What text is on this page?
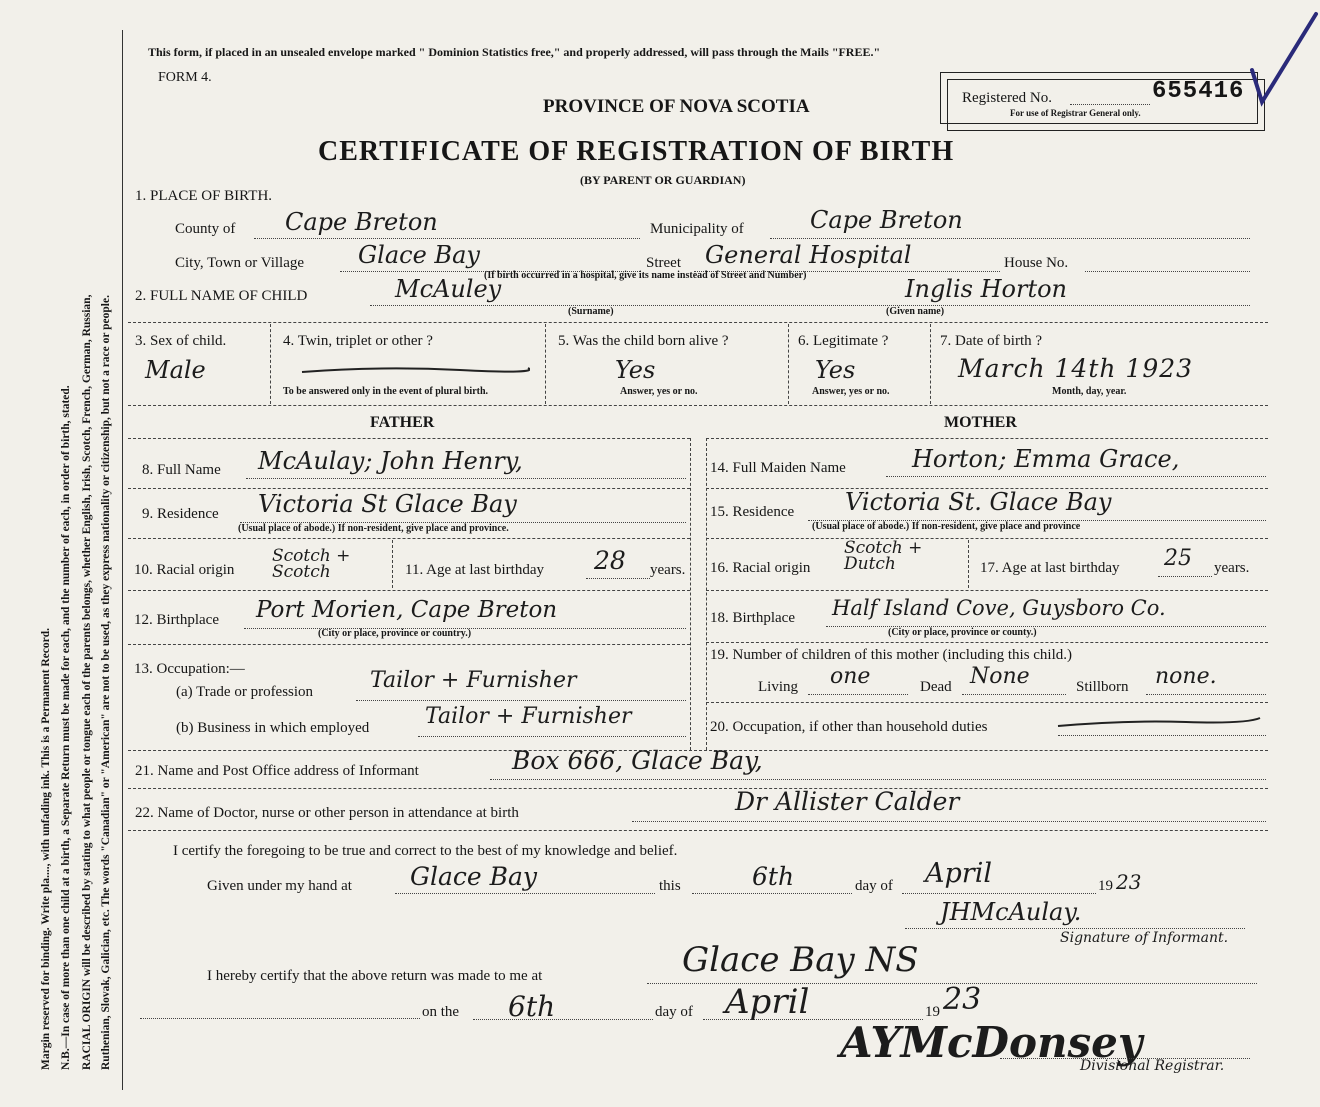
Margin reserved for binding. Write pla...., with unfading ink. This is a Permanent Record. N.B.—In case of more than one child at a birth, a Separate Return must be made for each, and the number of each, in order of birth, stated. RACIAL ORIGIN will be described by stating to what people or tongue each of the parents belongs, whether English, Irish, Scotch, French, German, Russian, Ruthenian, Slovak, Galician, etc. The words "Canadian" or "American" are not to be used, as they express nationality or citizenship, but not a race or people.
This form, if placed in an unsealed envelope marked " Dominion Statistics free," and properly addressed, will pass through the Mails "FREE."
FORM 4.
PROVINCE OF NOVA SCOTIA	Registered No.	655416
For use of Registrar General only.
CERTIFICATE OF REGISTRATION OF BIRTH
(BY PARENT OR GUARDIAN)
1. PLACE OF BIRTH.
County of Cape Breton	Municipality of	Cape Breton
City, Town or Village Glace Bay	Street General Hospital
(If birth occurred in a hospital, give its name instead of Street and Number)
House No.
2. FULL NAME OF CHILD	McAuley
(Surname)
Inglis Horton
(Given name)
3. Sex of child.
Male
4. Twin, triplet or other ?
To be answered only in the event of plural birth.
5. Was the child born alive ?
Yes
Answer, yes or no.
6. Legitimate ?
Yes
Answer, yes or no.
7. Date of birth ?
March 14th 1923
Month, day, year.
FATHER	MOTHER
8. Full Name McAulay; John Henry,
9. Residence Victoria St Glace Bay
(Usual place of abode.) If non-resident, give place and province.
10. Racial origin
Scotch + Scotch	11. Age at last birthday 28 years.
12. Birthplace Port Morien, Cape Breton
(City or place, province or country.)
13. Occupation:—
(a) Trade or profession	Tailor + Furnisher
(b) Business in which employed	Tailor + Furnisher
14. Full Maiden Name	Horton; Emma Grace,
15. Residence Victoria St. Glace Bay
(Usual place of abode.) If non-resident, give place and province
16. Racial origin
Scotch + Dutch	17. Age at last birthday 25 years.
18. Birthplace Half Island Cove, Guysboro Co.
(City or place, province or county.)
19. Number of children of this mother (including this child.)
Living one	Dead None	Stillborn none.
20. Occupation, if other than household duties
21. Name and Post Office address of Informant	Box 666, Glace Bay,
22. Name of Doctor, nurse or other person in attendance at birth	Dr Allister Calder
I certify the foregoing to be true and correct to the best of my knowledge and belief.
Given under my hand at Glace Bay	this	6th	day of April	19 23
JHMcAulay.
Signature of Informant.
I hereby certify that the above return was made to me at	Glace Bay NS
on the 6th	day of April	19 23
AYMcDonsey
Divisional Registrar.
